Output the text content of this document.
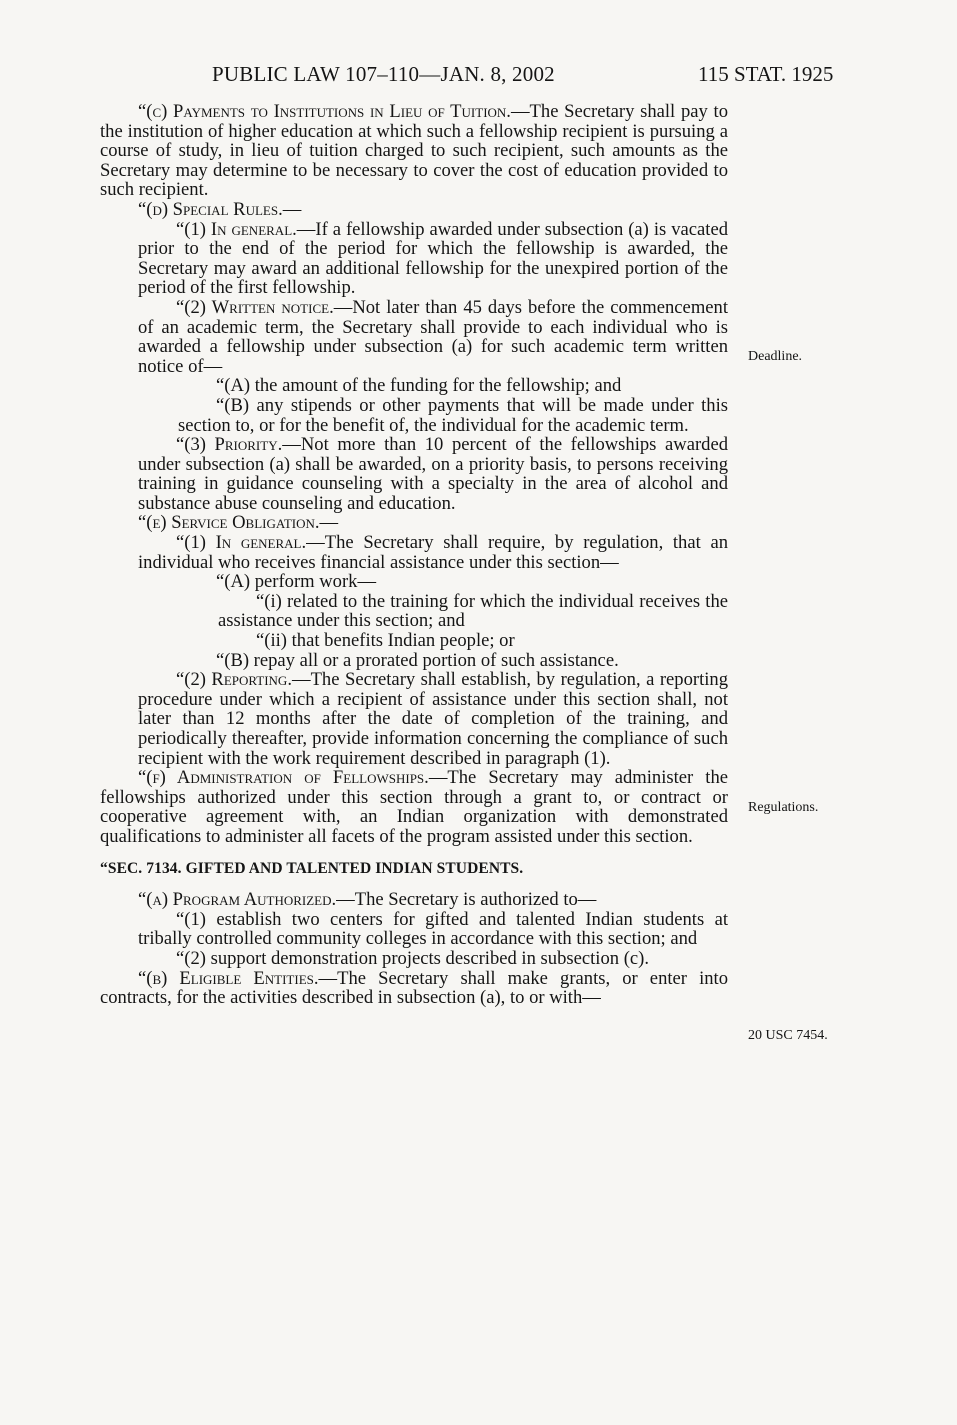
PUBLIC LAW 107–110—JAN. 8, 2002	115 STAT. 1925
Deadline.
Regulations.
20 USC 7454.

“(c) Payments to Institutions in Lieu of Tuition.—The Secretary shall pay to the institution of higher education at which such a fellowship recipient is pursuing a course of study, in lieu of tuition charged to such recipient, such amounts as the Secretary may determine to be necessary to cover the cost of education provided to such recipient.

“(d) Special Rules.—

“(1) In general.—If a fellowship awarded under subsection (a) is vacated prior to the end of the period for which the fellowship is awarded, the Secretary may award an additional fellowship for the unexpired portion of the period of the first fellowship.

“(2) Written notice.—Not later than 45 days before the commencement of an academic term, the Secretary shall provide to each individual who is awarded a fellowship under subsection (a) for such academic term written notice of—

“(A) the amount of the funding for the fellowship; and

“(B) any stipends or other payments that will be made under this section to, or for the benefit of, the individual for the academic term.

“(3) Priority.—Not more than 10 percent of the fellowships awarded under subsection (a) shall be awarded, on a priority basis, to persons receiving training in guidance counseling with a specialty in the area of alcohol and substance abuse counseling and education.

“(e) Service Obligation.—

“(1) In general.—The Secretary shall require, by regulation, that an individual who receives financial assistance under this section—

“(A) perform work—

“(i) related to the training for which the individual receives the assistance under this section; and

“(ii) that benefits Indian people; or

“(B) repay all or a prorated portion of such assistance.

“(2) Reporting.—The Secretary shall establish, by regulation, a reporting procedure under which a recipient of assistance under this section shall, not later than 12 months after the date of completion of the training, and periodically thereafter, provide information concerning the compliance of such recipient with the work requirement described in paragraph (1).

“(f) Administration of Fellowships.—The Secretary may administer the fellowships authorized under this section through a grant to, or contract or cooperative agreement with, an Indian organization with demonstrated qualifications to administer all facets of the program assisted under this section.

“SEC. 7134. GIFTED AND TALENTED INDIAN STUDENTS.

“(a) Program Authorized.—The Secretary is authorized to—

“(1) establish two centers for gifted and talented Indian students at tribally controlled community colleges in accordance with this section; and

“(2) support demonstration projects described in subsection (c).

“(b) Eligible Entities.—The Secretary shall make grants, or enter into contracts, for the activities described in subsection (a), to or with—
